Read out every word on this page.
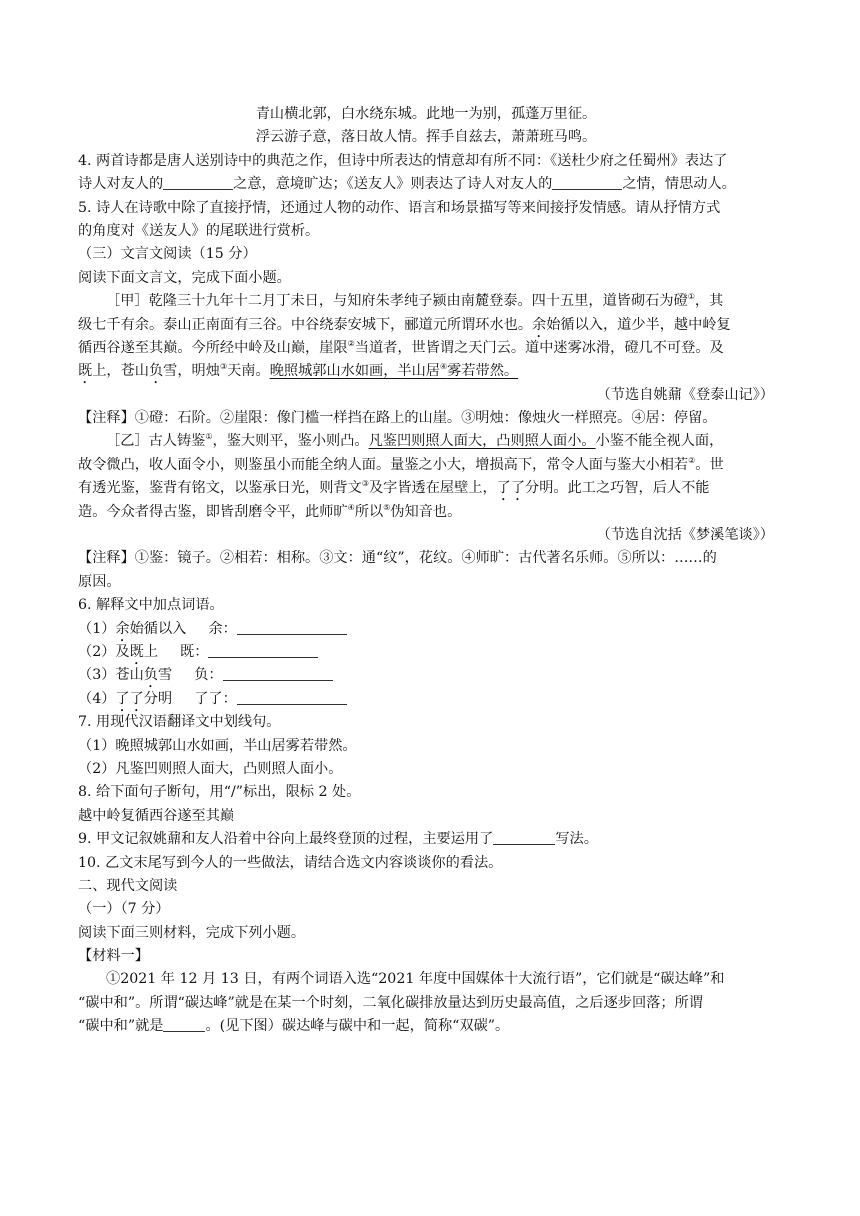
青山横北郭，白水绕东城。此地一为别，孤蓬万里征。
浮云游子意，落日故人情。挥手自兹去，萧萧班马鸣。
4. 两首诗都是唐人送别诗中的典范之作，但诗中所表达的情意却有所不同：《送杜少府之任蜀州》表达了
诗人对友人的	之意，意境旷达；《送友人》则表达了诗人对友人的	之情，情思动人。
5. 诗人在诗歌中除了直接抒情，还通过人物的动作、语言和场景描写等来间接抒发情感。请从抒情方式
的角度对《送友人》的尾联进行赏析。
（三）文言文阅读（15 分）
阅读下面文言文，完成下面小题。
［甲］乾隆三十九年十二月丁未日，与知府朱孝纯子颍由南麓登泰。四十五里，道皆砌石为磴①，其
级七千有余。泰山正南面有三谷。中谷绕泰安城下，郦道元所谓环水也。余始循以入，道少半，越中岭复
循西谷遂至其巅。今所经中岭及山巅，崖限②当道者，世皆谓之天门云。道中迷雾冰滑，磴几不可登。及
既上，苍山负雪，明烛③天南。晚照城郭山水如画，半山居④雾若带然。
（节选自姚鼐《登泰山记》）
【注释】①磴：石阶。②崖限：像门槛一样挡在路上的山崖。③明烛：像烛火一样照亮。④居：停留。
［乙］古人铸鉴①，鉴大则平，鉴小则凸。凡鉴凹则照人面大，凸则照人面小。小鉴不能全视人面，
故令微凸，收人面令小，则鉴虽小而能全纳人面。量鉴之小大，增损高下，常令人面与鉴大小相若②。世
有透光鉴，鉴背有铭文，以鉴承日光，则背文③及字皆透在屋壁上，了了分明。此工之巧智，后人不能
造。今众者得古鉴，即皆刮磨令平，此师旷④所以⑤伪知音也。
（节选自沈括《梦溪笔谈》）
【注释】①鉴：镜子。②相若：相称。③文：通“纹”，花纹。④师旷：古代著名乐师。⑤所以：……的
原因。
6. 解释文中加点词语。
（1）余始循以入 余：
（2）及既上 既：
（3）苍山负雪 负：
（4）了了分明 了了：
7. 用现代汉语翻译文中划线句。
（1）晚照城郭山水如画，半山居雾若带然。
（2）凡鉴凹则照人面大，凸则照人面小。
8. 给下面句子断句，用“/”标出，限标 2 处。
越中岭复循西谷遂至其巅
9. 甲文记叙姚鼐和友人沿着中谷向上最终登顶的过程，主要运用了	写法。
10. 乙文末尾写到今人的一些做法，请结合选文内容谈谈你的看法。
二、现代文阅读
（一）（7 分）
阅读下面三则材料，完成下列小题。
【材料一】
①2021 年 12 月 13 日，有两个词语入选“2021 年度中国媒体十大流行语”，它们就是“碳达峰”和
“碳中和”。所谓“碳达峰”就是在某一个时刻，二氧化碳排放量达到历史最高值，之后逐步回落；所谓
“碳中和”就是	。(见下图）碳达峰与碳中和一起，简称“双碳”。
